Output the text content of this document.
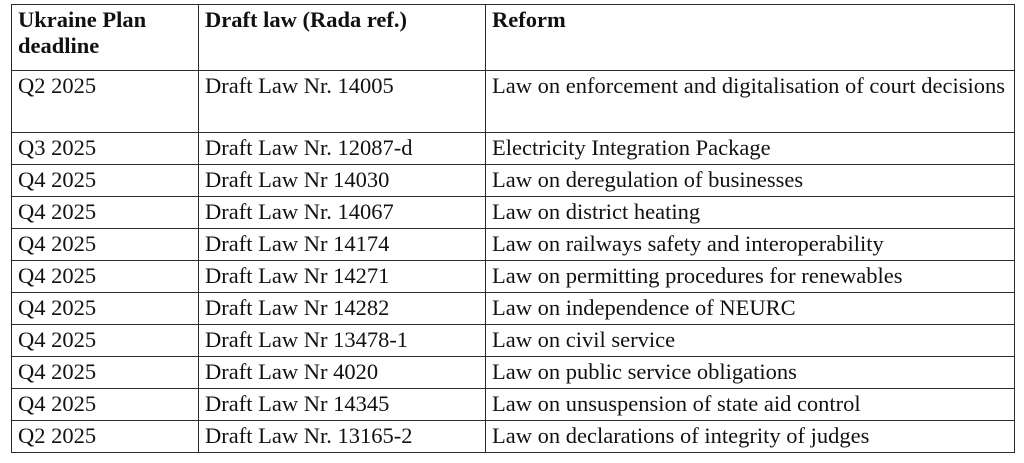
Ukraine Plan deadline	Draft law (Rada ref.)	Reform

Q2 2025	Draft Law Nr. 14005	Law on enforcement and digitalisation of court decisions

Q3 2025	Draft Law Nr. 12087-d	Electricity Integration Package

Q4 2025	Draft Law Nr 14030	Law on deregulation of businesses

Q4 2025	Draft Law Nr. 14067	Law on district heating

Q4 2025	Draft Law Nr 14174	Law on railways safety and interoperability

Q4 2025	Draft Law Nr 14271	Law on permitting procedures for renewables

Q4 2025	Draft Law Nr 14282	Law on independence of NEURC

Q4 2025	Draft Law Nr 13478-1	Law on civil service

Q4 2025	Draft Law Nr 4020	Law on public service obligations

Q4 2025	Draft Law Nr 14345	Law on unsuspension of state aid control

Q2 2025	Draft Law Nr. 13165-2	Law on declarations of integrity of judges
